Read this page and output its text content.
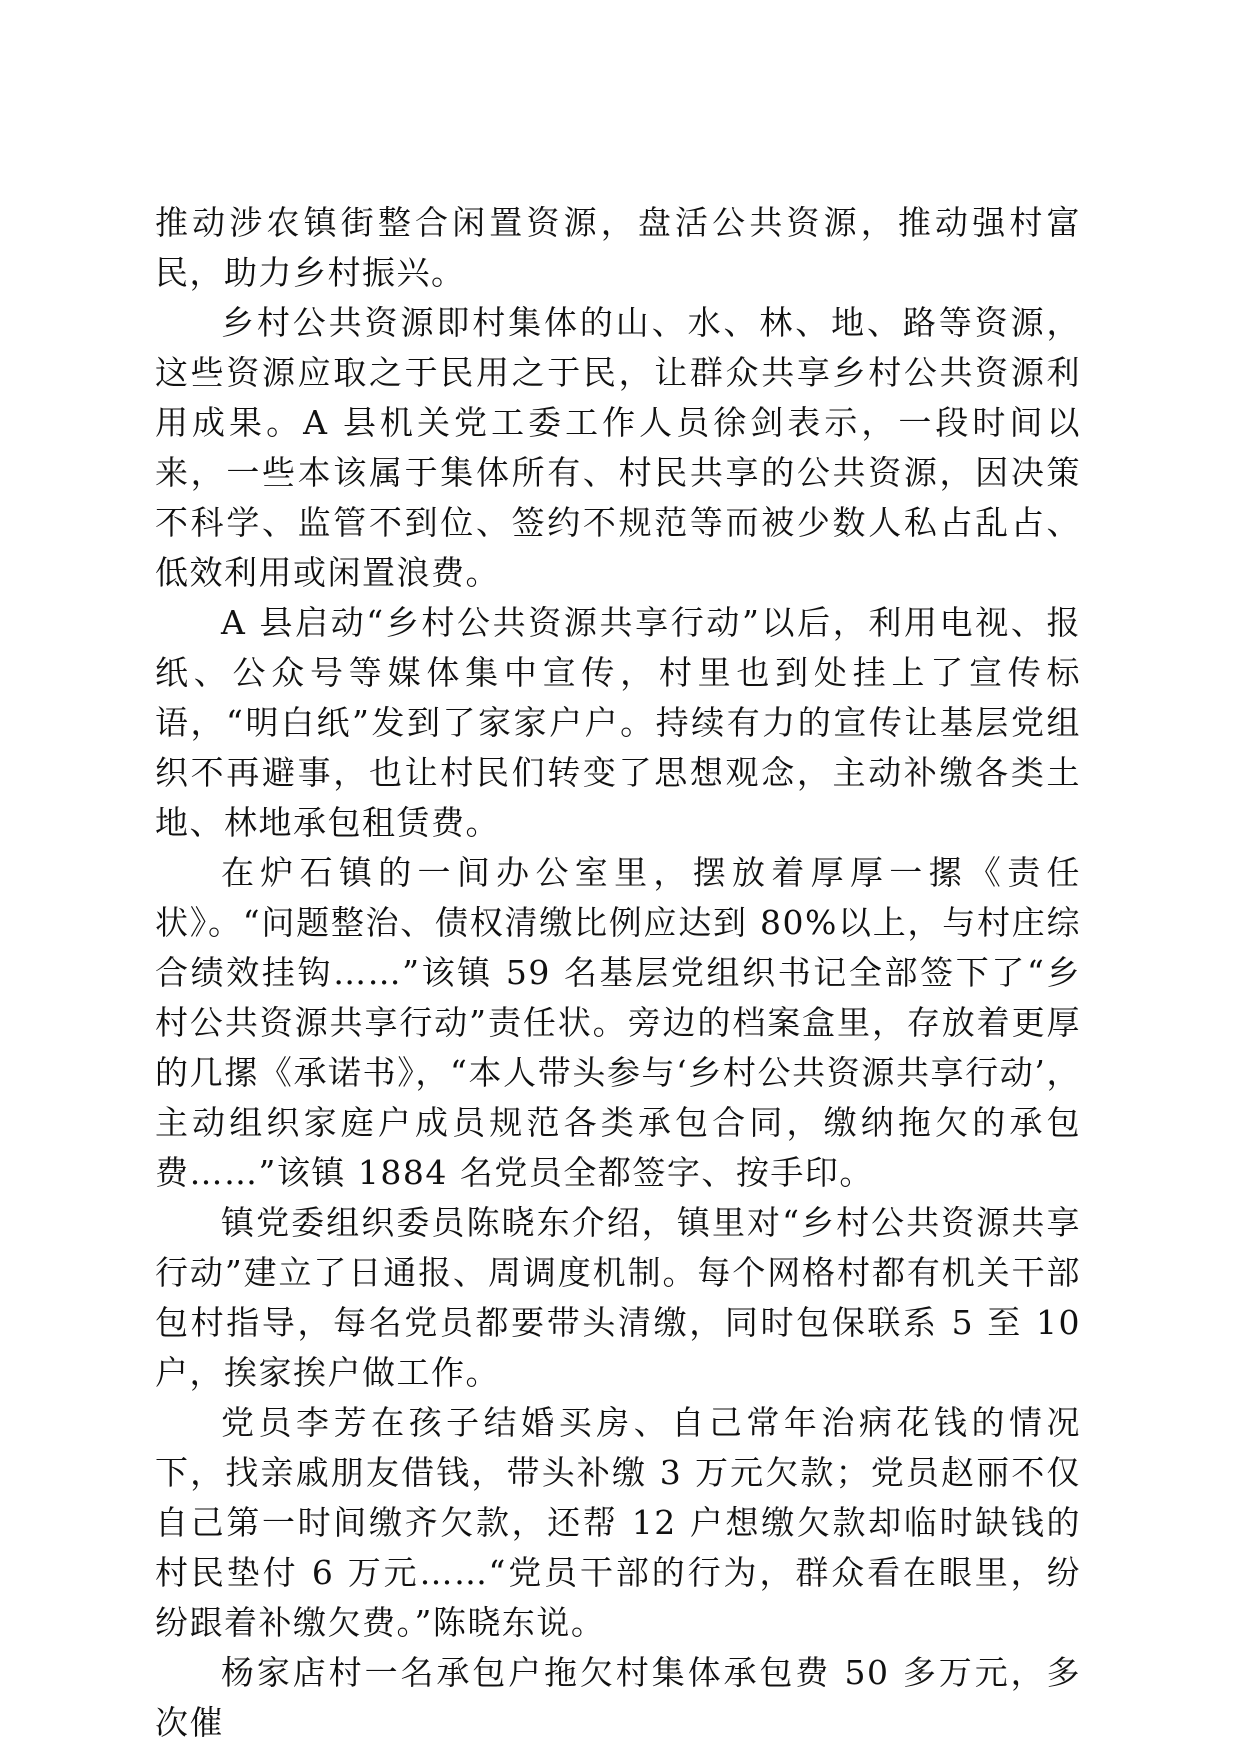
推动涉农镇街整合闲置资源，盘活公共资源，推动强村富民，助力乡村振兴。

乡村公共资源即村集体的山、水、林、地、路等资源，这些资源应取之于民用之于民，让群众共享乡村公共资源利用成果。A 县机关党工委工作人员徐剑表示，一段时间以来，一些本该属于集体所有、村民共享的公共资源，因决策不科学、监管不到位、签约不规范等而被少数人私占乱占、低效利用或闲置浪费。

A 县启动“乡村公共资源共享行动”以后，利用电视、报纸、公众号等媒体集中宣传，村里也到处挂上了宣传标语，“明白纸”发到了家家户户。持续有力的宣传让基层党组织不再避事，也让村民们转变了思想观念，主动补缴各类土地、林地承包租赁费。

在炉石镇的一间办公室里，摆放着厚厚一摞《责任状》。“问题整治、债权清缴比例应达到 80%以上，与村庄综合绩效挂钩……”该镇 59 名基层党组织书记全部签下了“乡村公共资源共享行动”责任状。旁边的档案盒里，存放着更厚的几摞《承诺书》，“本人带头参与‘乡村公共资源共享行动’，主动组织家庭户成员规范各类承包合同，缴纳拖欠的承包费……”该镇 1884 名党员全都签字、按手印。

镇党委组织委员陈晓东介绍，镇里对“乡村公共资源共享行动”建立了日通报、周调度机制。每个网格村都有机关干部包村指导，每名党员都要带头清缴，同时包保联系 5 至 10 户，挨家挨户做工作。

党员李芳在孩子结婚买房、自己常年治病花钱的情况下，找亲戚朋友借钱，带头补缴 3 万元欠款；党员赵丽不仅自己第一时间缴齐欠款，还帮 12 户想缴欠款却临时缺钱的村民垫付 6 万元……“党员干部的行为，群众看在眼里，纷纷跟着补缴欠费。”陈晓东说。

杨家店村一名承包户拖欠村集体承包费 50 多万元，多次催
